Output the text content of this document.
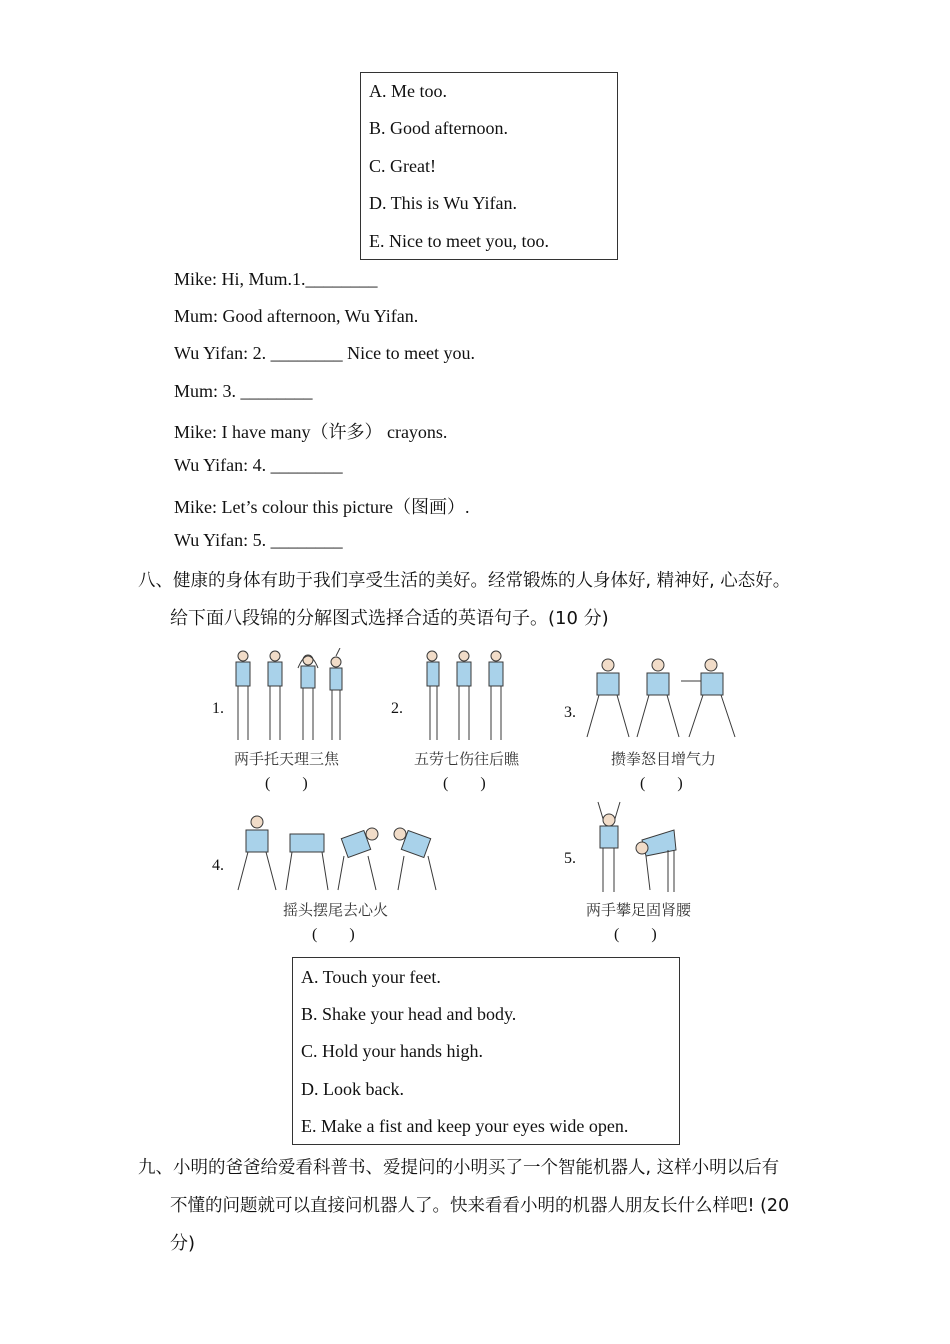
A. Me too.
B. Good afternoon.
C. Great!
D. This is Wu Yifan.
E. Nice to meet you, too.
Mike: Hi, Mum.1.________
Mum: Good afternoon, Wu Yifan.
Wu Yifan: 2. ________ Nice to meet you.
Mum: 3. ________
Mike: I have many（许多） crayons.
Wu Yifan: 4. ________
Mike: Let’s colour this picture（图画）.
Wu Yifan: 5. ________
八、健康的身体有助于我们享受生活的美好。经常锻炼的人身体好, 精神好, 心态好。
给下面八段锦的分解图式选择合适的英语句子。(10 分)
1.
两手托天理三焦
(　　)
2.
五劳七伤往后瞧
(　　)
3.
攒拳怒目增气力
(　　)
4.
摇头摆尾去心火
(　　)
5.
两手攀足固肾腰
(　　)
A. Touch your feet.
B. Shake your head and body.
C. Hold your hands high.
D. Look back.
E. Make a fist and keep your eyes wide open.
九、小明的爸爸给爱看科普书、爱提问的小明买了一个智能机器人, 这样小明以后有
不懂的问题就可以直接问机器人了。快来看看小明的机器人朋友长什么样吧! (20
分)
